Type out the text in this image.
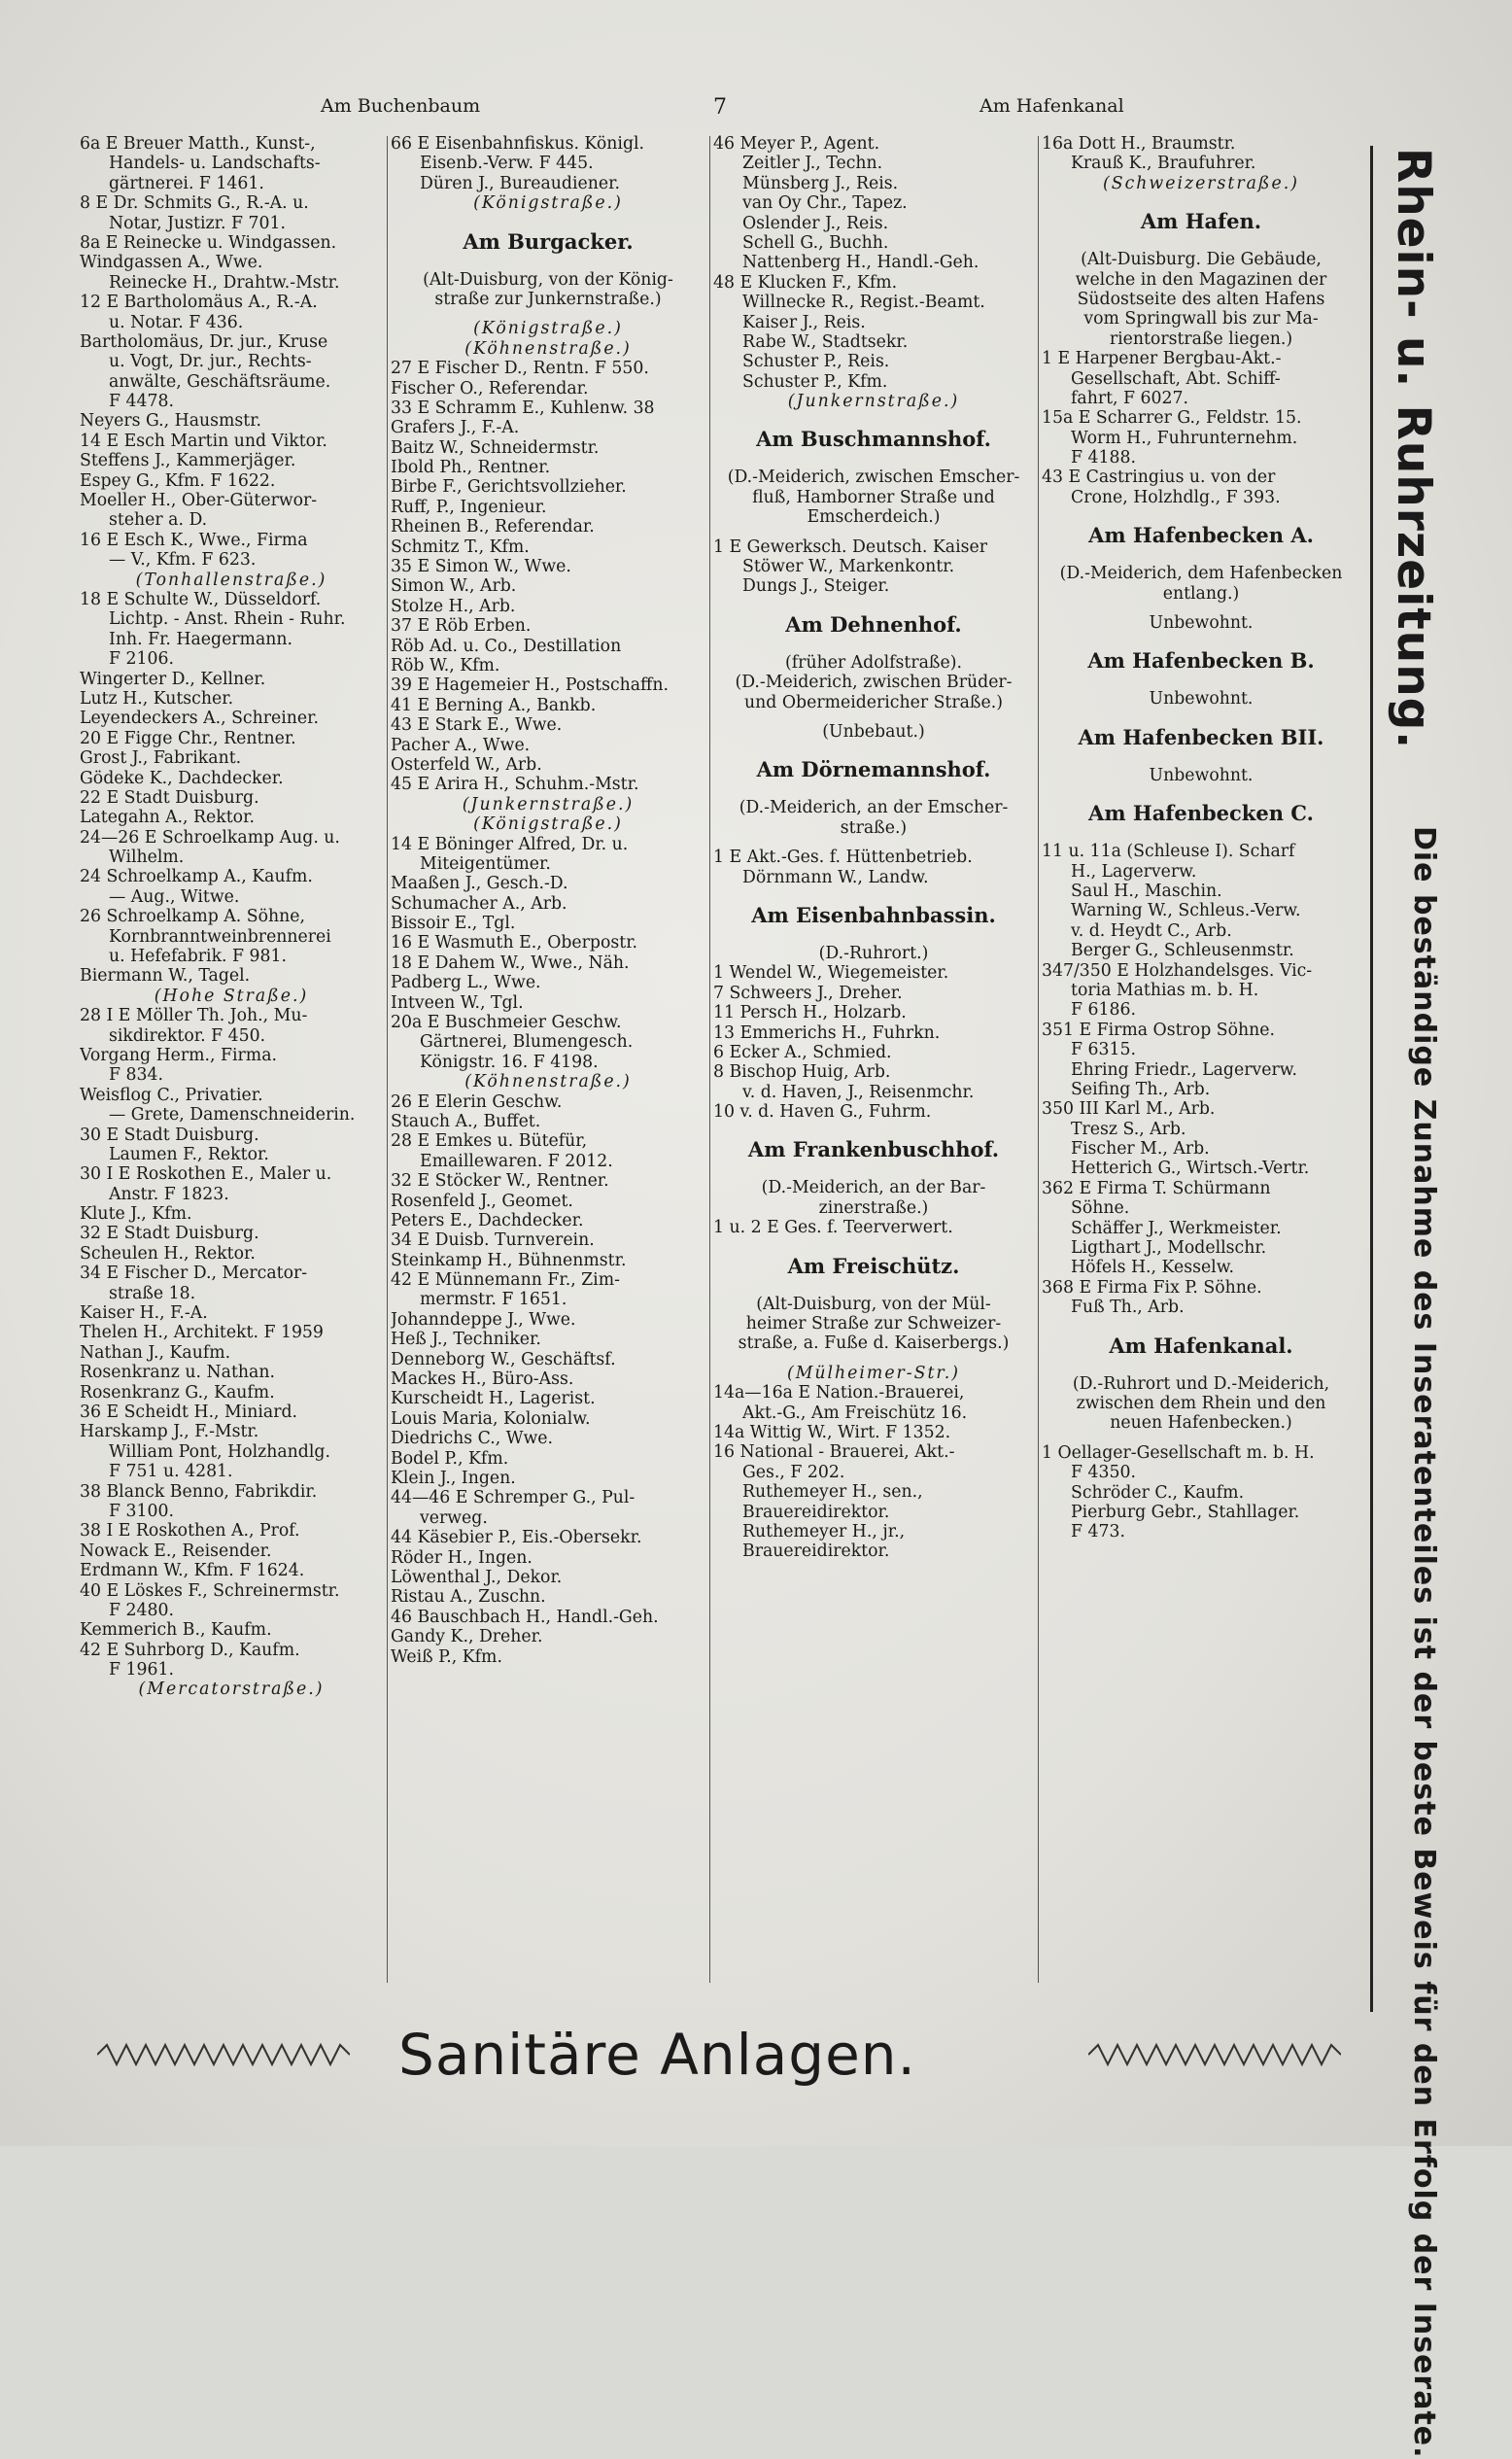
Am Buchenbaum	7	Am Hafenkanal
6a E Breuer Matth., Kunst-,
Handels- u. Landschafts-
gärtnerei. F 1461.
8 E Dr. Schmits G., R.-A. u.
Notar, Justizr. F 701.
8a E Reinecke u. Windgassen.
Windgassen A., Wwe.
Reinecke H., Drahtw.-Mstr.
12 E Bartholomäus A., R.-A.
u. Notar. F 436.
Bartholomäus, Dr. jur., Kruse
u. Vogt, Dr. jur., Rechts-
anwälte, Geschäftsräume.
F 4478.
Neyers G., Hausmstr.
14 E Esch Martin und Viktor.
Steffens J., Kammerjäger.
Espey G., Kfm. F 1622.
Moeller H., Ober-Güterwor-
steher a. D.
16 E Esch K., Wwe., Firma
— V., Kfm. F 623.
(Tonhallenstraße.)
18 E Schulte W., Düsseldorf.
Lichtp. - Anst. Rhein - Ruhr.
Inh. Fr. Haegermann.
F 2106.
Wingerter D., Kellner.
Lutz H., Kutscher.
Leyendeckers A., Schreiner.
20 E Figge Chr., Rentner.
Grost J., Fabrikant.
Gödeke K., Dachdecker.
22 E Stadt Duisburg.
Lategahn A., Rektor.
24—26 E Schroelkamp Aug. u.
Wilhelm.
24 Schroelkamp A., Kaufm.
— Aug., Witwe.
26 Schroelkamp A. Söhne,
Kornbranntweinbrennerei
u. Hefefabrik. F 981.
Biermann W., Tagel.
(Hohe Straße.)
28 I E Möller Th. Joh., Mu-
sikdirektor. F 450.
Vorgang Herm., Firma.
F 834.
Weisflog C., Privatier.
— Grete, Damenschneiderin.
30 E Stadt Duisburg.
Laumen F., Rektor.
30 I E Roskothen E., Maler u.
Anstr. F 1823.
Klute J., Kfm.
32 E Stadt Duisburg.
Scheulen H., Rektor.
34 E Fischer D., Mercator-
straße 18.
Kaiser H., F.-A.
Thelen H., Architekt. F 1959
Nathan J., Kaufm.
Rosenkranz u. Nathan.
Rosenkranz G., Kaufm.
36 E Scheidt H., Miniard.
Harskamp J., F.-Mstr.
William Pont, Holzhandlg.
F 751 u. 4281.
38 Blanck Benno, Fabrikdir.
F 3100.
38 I E Roskothen A., Prof.
Nowack E., Reisender.
Erdmann W., Kfm. F 1624.
40 E Löskes F., Schreinermstr.
F 2480.
Kemmerich B., Kaufm.
42 E Suhrborg D., Kaufm.
F 1961.
(Mercatorstraße.)
66 E Eisenbahnfiskus. Königl.
Eisenb.-Verw. F 445.
Düren J., Bureaudiener.
(Königstraße.)
Am Burgacker.
(Alt-Duisburg, von der König-
straße zur Junkernstraße.)
(Königstraße.)
(Köhnenstraße.)
27 E Fischer D., Rentn. F 550.
Fischer O., Referendar.
33 E Schramm E., Kuhlenw. 38
Grafers J., F.-A.
Baitz W., Schneidermstr.
Ibold Ph., Rentner.
Birbe F., Gerichtsvollzieher.
Ruff, P., Ingenieur.
Rheinen B., Referendar.
Schmitz T., Kfm.
35 E Simon W., Wwe.
Simon W., Arb.
Stolze H., Arb.
37 E Röb Erben.
Röb Ad. u. Co., Destillation
Röb W., Kfm.
39 E Hagemeier H., Postschaffn.
41 E Berning A., Bankb.
43 E Stark E., Wwe.
Pacher A., Wwe.
Osterfeld W., Arb.
45 E Arira H., Schuhm.-Mstr.
(Junkernstraße.)
(Königstraße.)
14 E Böninger Alfred, Dr. u.
Miteigentümer.
Maaßen J., Gesch.-D.
Schumacher A., Arb.
Bissoir E., Tgl.
16 E Wasmuth E., Oberpostr.
18 E Dahem W., Wwe., Näh.
Padberg L., Wwe.
Intveen W., Tgl.
20a E Buschmeier Geschw.
Gärtnerei, Blumengesch.
Königstr. 16. F 4198.
(Köhnenstraße.)
26 E Elerin Geschw.
Stauch A., Buffet.
28 E Emkes u. Bütefür,
Emaillewaren. F 2012.
32 E Stöcker W., Rentner.
Rosenfeld J., Geomet.
Peters E., Dachdecker.
34 E Duisb. Turnverein.
Steinkamp H., Bühnenmstr.
42 E Münnemann Fr., Zim-
mermstr. F 1651.
Johanndeppe J., Wwe.
Heß J., Techniker.
Denneborg W., Geschäftsf.
Mackes H., Büro-Ass.
Kurscheidt H., Lagerist.
Louis Maria, Kolonialw.
Diedrichs C., Wwe.
Bodel P., Kfm.
Klein J., Ingen.
44—46 E Schremper G., Pul-
verweg.
44 Käsebier P., Eis.-Obersekr.
Röder H., Ingen.
Löwenthal J., Dekor.
Ristau A., Zuschn.
46 Bauschbach H., Handl.-Geh.
Gandy K., Dreher.
Weiß P., Kfm.
46 Meyer P., Agent.
Zeitler J., Techn.
Münsberg J., Reis.
van Oy Chr., Tapez.
Oslender J., Reis.
Schell G., Buchh.
Nattenberg H., Handl.-Geh.
48 E Klucken F., Kfm.
Willnecke R., Regist.-Beamt.
Kaiser J., Reis.
Rabe W., Stadtsekr.
Schuster P., Reis.
Schuster P., Kfm.
(Junkernstraße.)
Am Buschmannshof.
(D.-Meiderich, zwischen Emscher-
fluß, Hamborner Straße und
Emscherdeich.)
1 E Gewerksch. Deutsch. Kaiser
Stöwer W., Markenkontr.
Dungs J., Steiger.
Am Dehnenhof.
(früher Adolfstraße).
(D.-Meiderich, zwischen Brüder-
und Obermeidericher Straße.)
(Unbebaut.)
Am Dörnemannshof.
(D.-Meiderich, an der Emscher-
straße.)
1 E Akt.-Ges. f. Hüttenbetrieb.
Dörnmann W., Landw.
Am Eisenbahnbassin.
(D.-Ruhrort.)
1 Wendel W., Wiegemeister.
7 Schweers J., Dreher.
11 Persch H., Holzarb.
13 Emmerichs H., Fuhrkn.
6 Ecker A., Schmied.
8 Bischop Huig, Arb.
v. d. Haven, J., Reisenmchr.
10 v. d. Haven G., Fuhrm.
Am Frankenbuschhof.
(D.-Meiderich, an der Bar-
zinerstraße.)
1 u. 2 E Ges. f. Teerverwert.
Am Freischütz.
(Alt-Duisburg, von der Mül-
heimer Straße zur Schweizer-
straße, a. Fuße d. Kaiserbergs.)
(Mülheimer-Str.)
14a—16a E Nation.-Brauerei,
Akt.-G., Am Freischütz 16.
14a Wittig W., Wirt. F 1352.
16 National - Brauerei, Akt.-
Ges., F 202.
Ruthemeyer H., sen.,
Brauereidirektor.
Ruthemeyer H., jr.,
Brauereidirektor.
16a Dott H., Braumstr.
Krauß K., Braufuhrer.
(Schweizerstraße.)
Am Hafen.
(Alt-Duisburg. Die Gebäude,
welche in den Magazinen der
Südostseite des alten Hafens
vom Springwall bis zur Ma-
rientorstraße liegen.)
1 E Harpener Bergbau-Akt.-
Gesellschaft, Abt. Schiff-
fahrt, F 6027.
15a E Scharrer G., Feldstr. 15.
Worm H., Fuhrunternehm.
F 4188.
43 E Castringius u. von der
Crone, Holzhdlg., F 393.
Am Hafenbecken A.
(D.-Meiderich, dem Hafenbecken
entlang.)
Unbewohnt.
Am Hafenbecken B.
Unbewohnt.
Am Hafenbecken BII.
Unbewohnt.
Am Hafenbecken C.
11 u. 11a (Schleuse I). Scharf
H., Lagerverw.
Saul H., Maschin.
Warning W., Schleus.-Verw.
v. d. Heydt C., Arb.
Berger G., Schleusenmstr.
347/350 E Holzhandelsges. Vic-
toria Mathias m. b. H.
F 6186.
351 E Firma Ostrop Söhne.
F 6315.
Ehring Friedr., Lagerverw.
Seifing Th., Arb.
350 III Karl M., Arb.
Tresz S., Arb.
Fischer M., Arb.
Hetterich G., Wirtsch.-Vertr.
362 E Firma T. Schürmann
Söhne.
Schäffer J., Werkmeister.
Ligthart J., Modellschr.
Höfels H., Kesselw.
368 E Firma Fix P. Söhne.
Fuß Th., Arb.
Am Hafenkanal.
(D.-Ruhrort und D.-Meiderich,
zwischen dem Rhein und den
neuen Hafenbecken.)
1 Oellager-Gesellschaft m. b. H.
F 4350.
Schröder C., Kaufm.
Pierburg Gebr., Stahllager.
F 473.
Rhein- u. Ruhrzeitung.
Die beständige Zunahme des Inseratenteiles ist der beste Beweis für den Erfolg der Inserate.
Sanitäre Anlagen.
